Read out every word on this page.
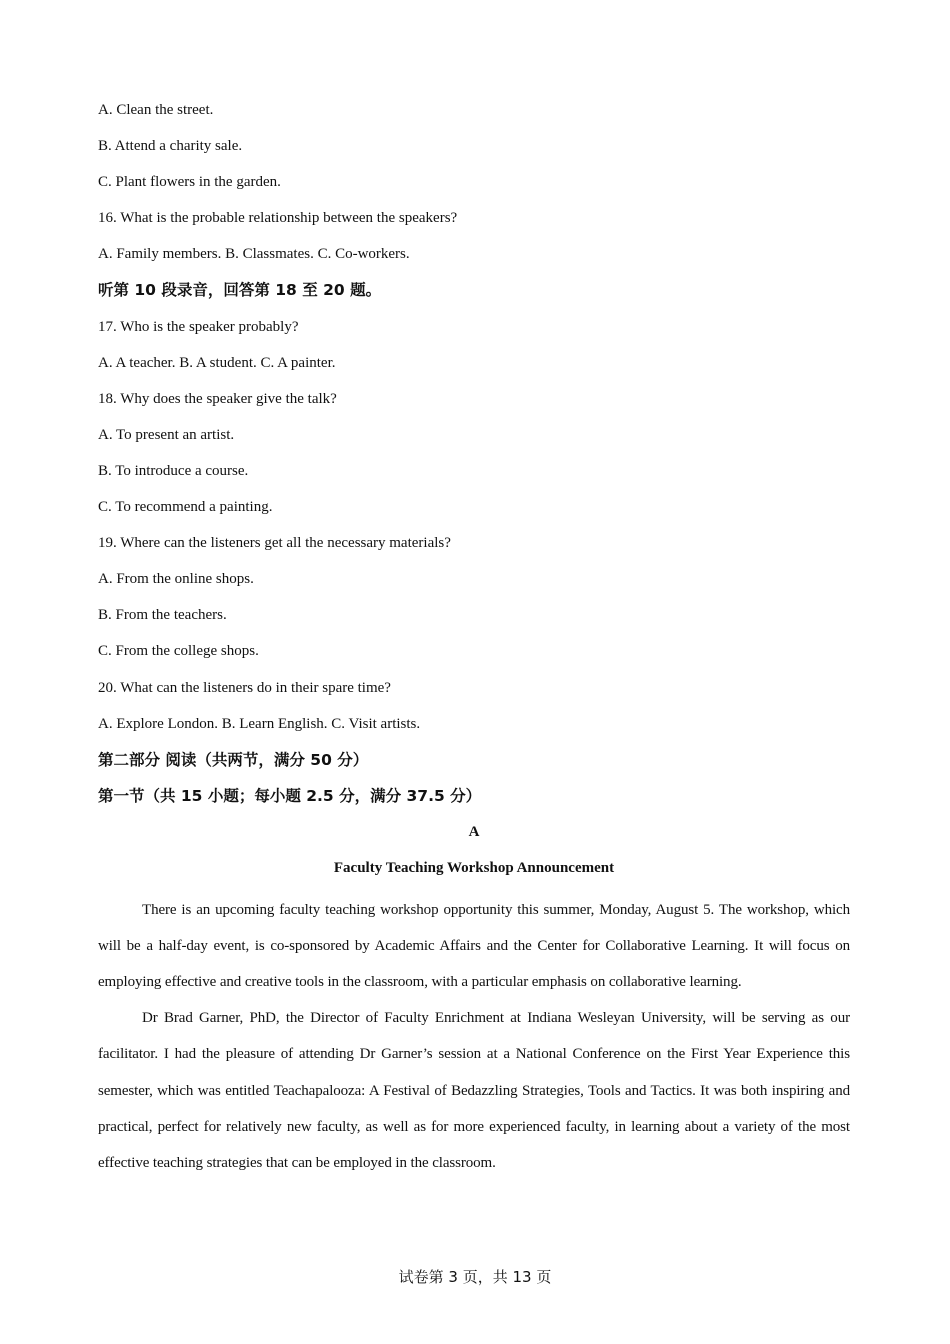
A. Clean the street.
B. Attend a charity sale.
C. Plant flowers in the garden.
16. What is the probable relationship between the speakers?
A. Family members. B. Classmates. C. Co-workers.
听第 10 段录音，回答第 18 至 20 题。
17. Who is the speaker probably?
A. A teacher. B. A student. C. A painter.
18. Why does the speaker give the talk?
A. To present an artist.
B. To introduce a course.
C. To recommend a painting.
19. Where can the listeners get all the necessary materials?
A. From the online shops.
B. From the teachers.
C. From the college shops.
20. What can the listeners do in their spare time?
A. Explore London. B. Learn English. C. Visit artists.
第二部分 阅读（共两节，满分 50 分）
第一节（共 15 小题；每小题 2.5 分，满分 37.5 分）
A
Faculty Teaching Workshop Announcement

There is an upcoming faculty teaching workshop opportunity this summer, Monday, August 5. The workshop, which will be a half-day event, is co-sponsored by Academic Affairs and the Center for Collaborative Learning. It will focus on employing effective and creative tools in the classroom, with a particular emphasis on collaborative learning.

Dr Brad Garner, PhD, the Director of Faculty Enrichment at Indiana Wesleyan University, will be serving as our facilitator. I had the pleasure of attending Dr Garner’s session at a National Conference on the First Year Experience this semester, which was entitled Teachapalooza: A Festival of Bedazzling Strategies, Tools and Tactics. It was both inspiring and practical, perfect for relatively new faculty, as well as for more experienced faculty, in learning about a variety of the most effective teaching strategies that can be employed in the classroom.

试卷第 3 页，共 13 页
